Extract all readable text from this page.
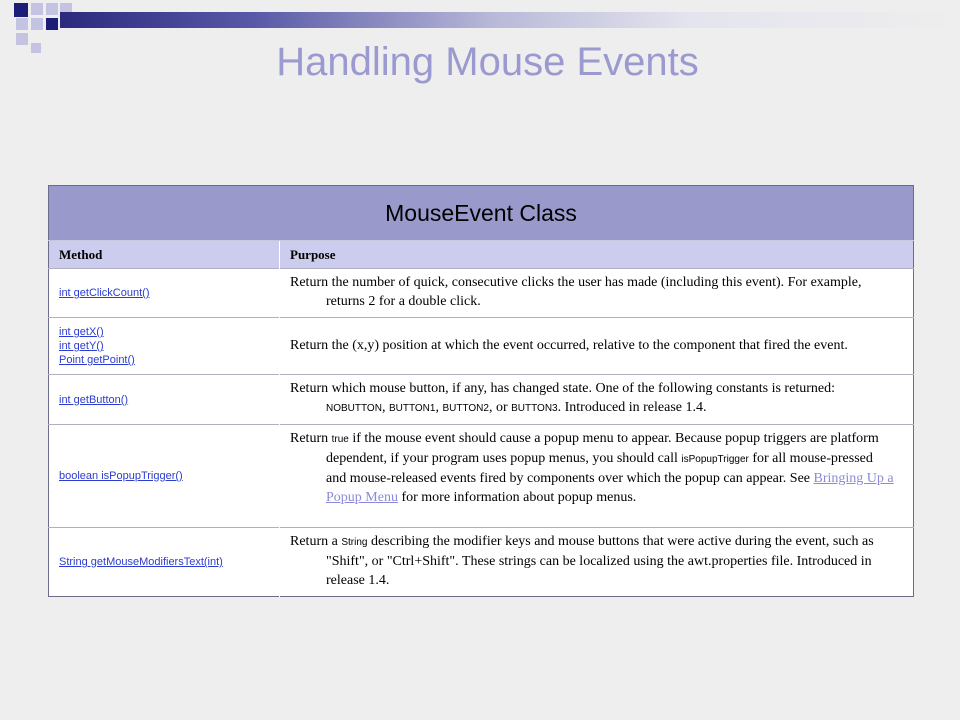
Handling Mouse Events
MouseEvent Class	
Method	Purpose

int getClickCount()	Return the number of quick, consecutive clicks the user has made (including this event). For example, returns 2 for a double click.

int getX()
int getY()
Point getPoint()	Return the (x,y) position at which the event occurred, relative to the component that fired the event.

int getButton()	Return which mouse button, if any, has changed state. One of the following constants is returned: NOBUTTON, BUTTON1, BUTTON2, or BUTTON3. Introduced in release 1.4.

boolean isPopupTrigger()	Return true if the mouse event should cause a popup menu to appear. Because popup triggers are platform dependent, if your program uses popup menus, you should call isPopupTrigger for all mouse-pressed and mouse-released events fired by components over which the popup can appear. See Bringing Up a Popup Menu for more information about popup menus.

String getMouseModifiersText(int)	Return a String describing the modifier keys and mouse buttons that were active during the event, such as "Shift", or "Ctrl+Shift". These strings can be localized using the awt.properties file. Introduced in release 1.4.
